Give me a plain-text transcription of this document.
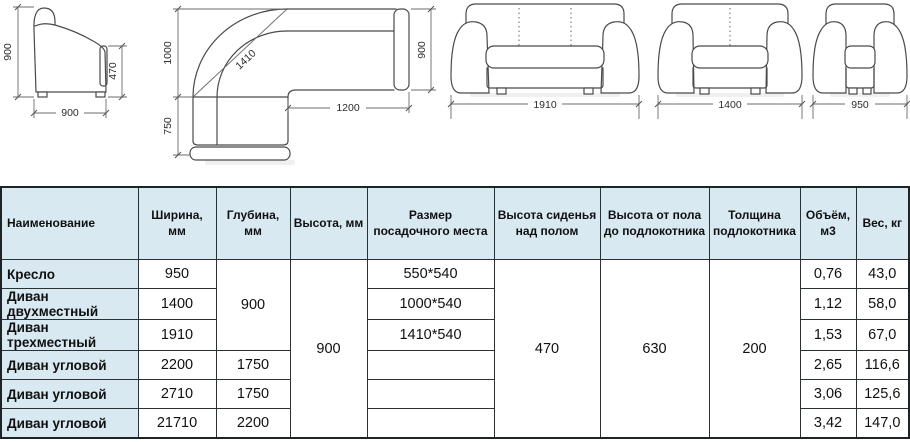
900
470
900
1000
750
1410
1200
900
1910	1400	950
Наименование	Ширина, мм	Глубина, мм	Высота, мм	Размер посадочного места	Высота сиденья над полом	Высота от пола до подлокотника	Толщина подлокотника	Объём, м3	Вес, кг
Кресло	950	900	900	550*540	470	630	200	0,76	43,0
Диван двухместный	1400			1000*540				1,12	58,0
Диван трехместный	1910			1410*540				1,53	67,0
Диван угловой	2200	1750						2,65	116,6
Диван угловой	2710	1750						3,06	125,6
Диван угловой	21710	2200						3,42	147,0
